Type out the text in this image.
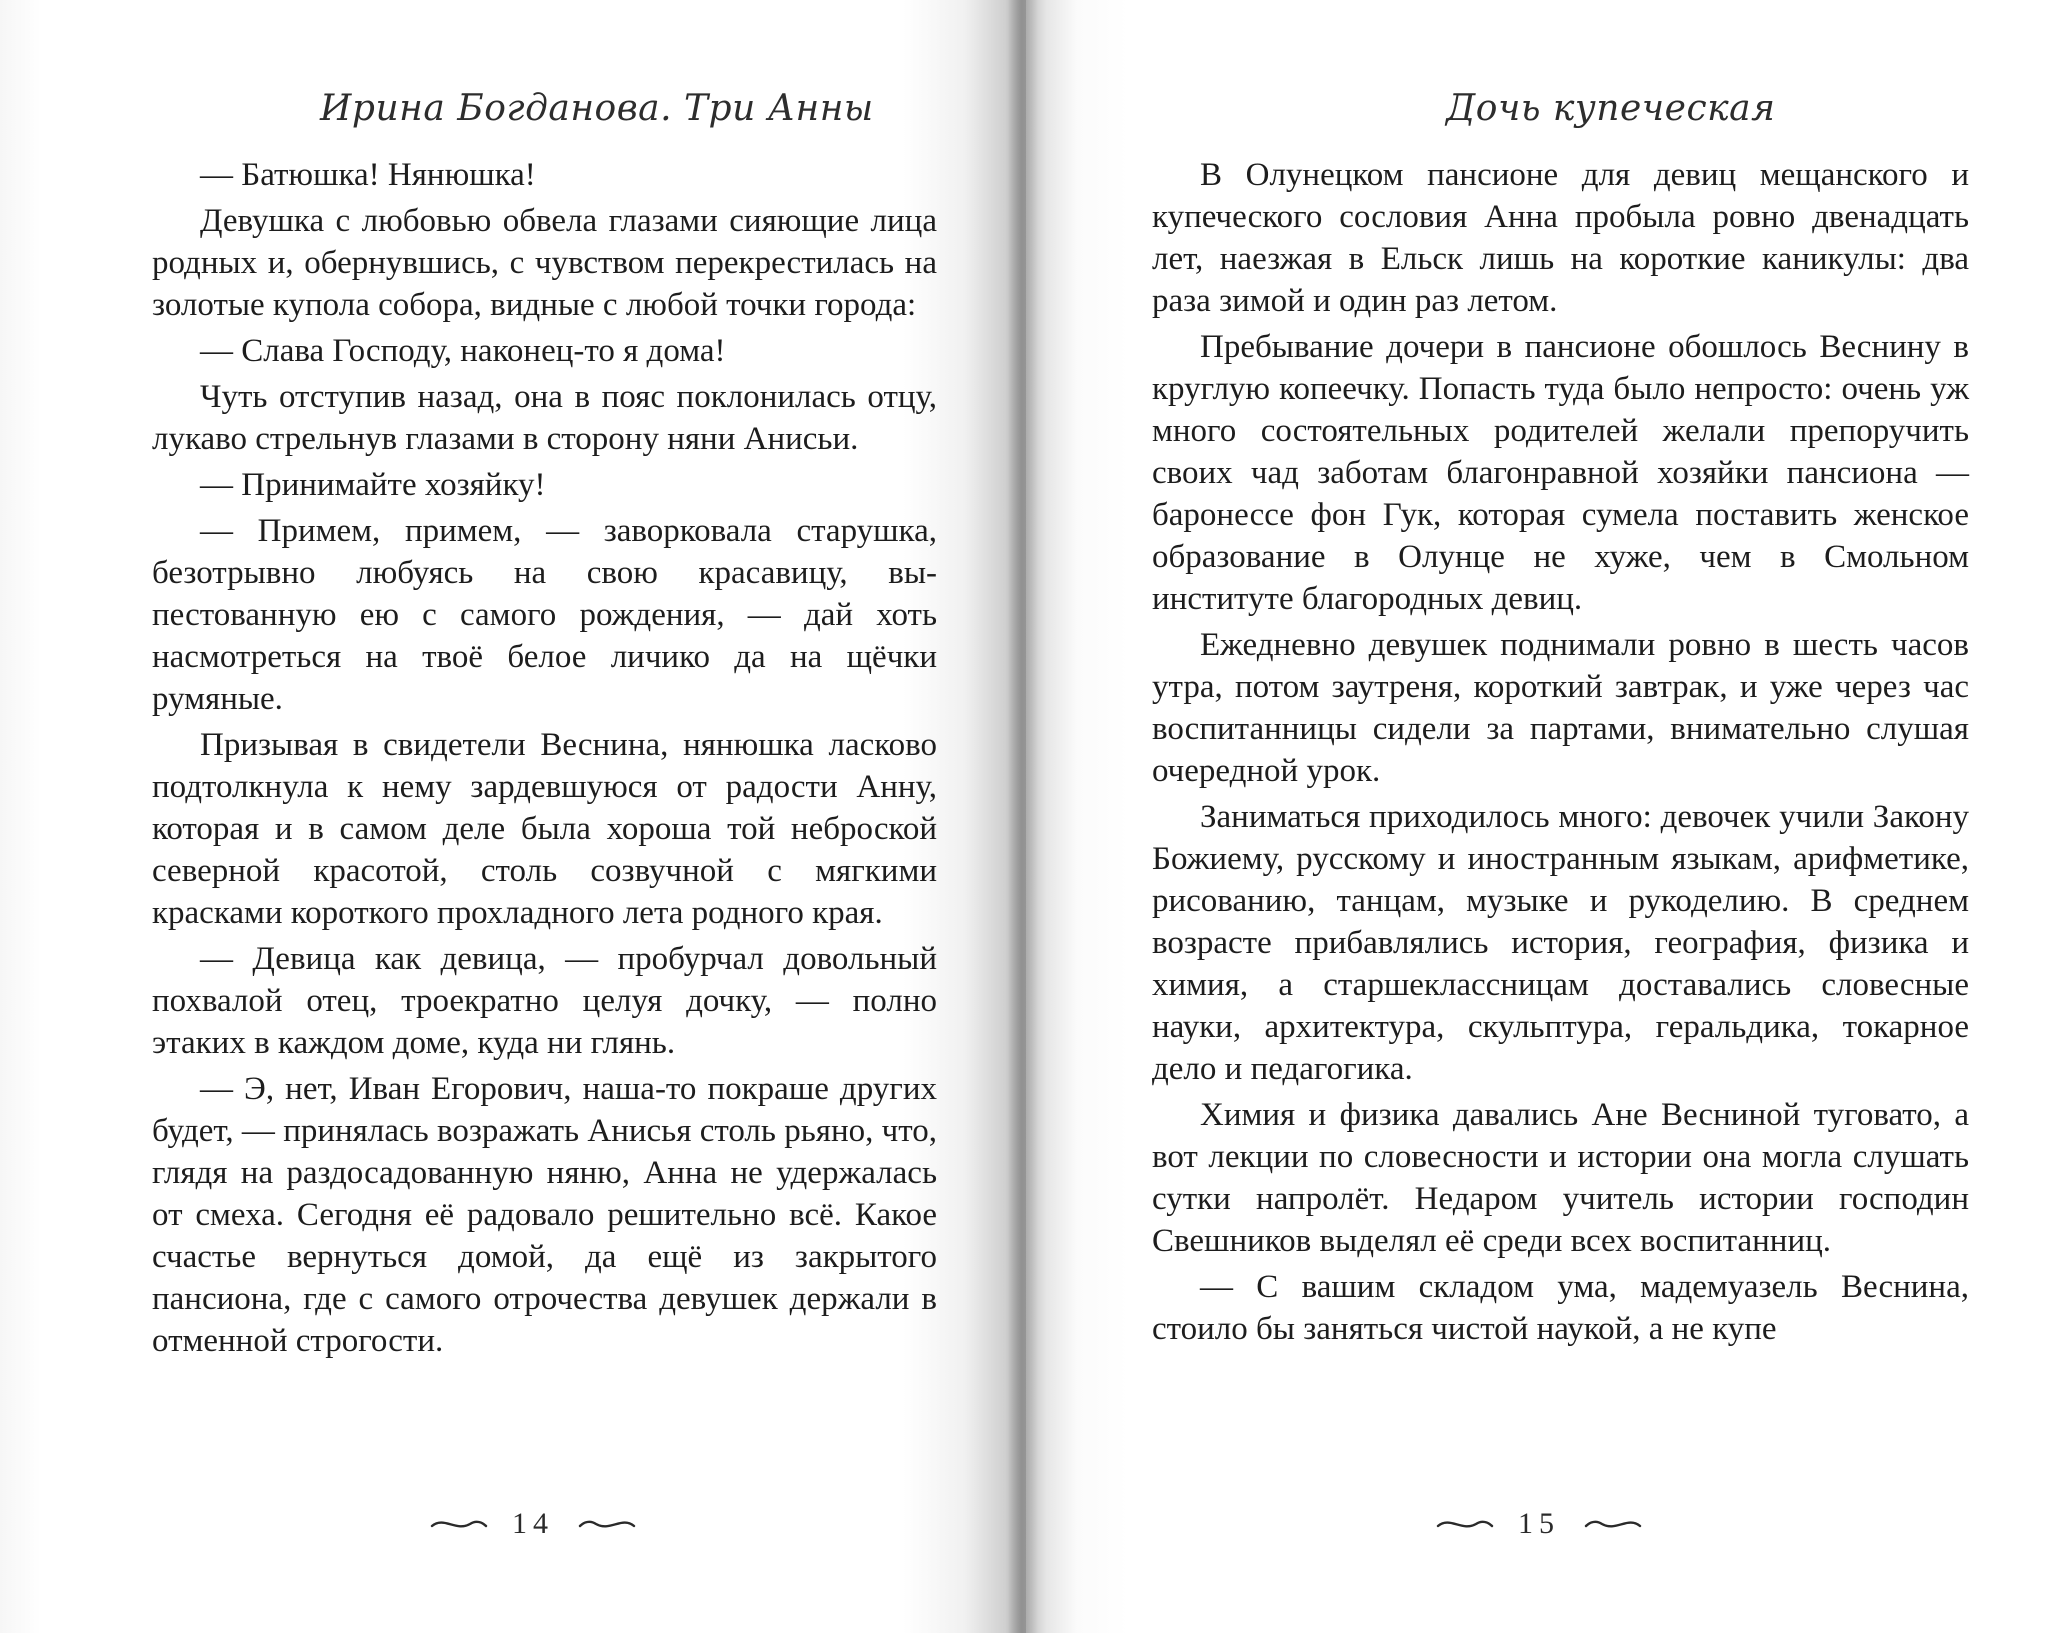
Ирина Богданова. Три Анны

— Батюшка! Нянюшка!

Девушка с любовью обвела глазами сияющие лица родных и, обернувшись, с чувством перекрестилась на золотые купола собора, видные с любой точки города:

— Слава Господу, наконец-то я дома!

Чуть отступив назад, она в пояс поклонилась отцу, лукаво стрельнув глазами в сторону няни Анисьи.

— Принимайте хозяйку!

— Примем, примем, — заворковала старушка, безотрывно любуясь на свою красавицу, выпестованную ею с самого рождения, — дай хоть насмотреться на твоё белое личико да на щёчки румяные.

Призывая в свидетели Веснина, нянюшка ласково подтолкнула к нему зардевшуюся от радости Анну, которая и в самом деле была хороша той неброской северной красотой, столь созвучной с мягкими красками короткого прохладного лета родного края.

— Девица как девица, — пробурчал довольный похвалой отец, троекратно целуя дочку, — полно этаких в каждом доме, куда ни глянь.

— Э, нет, Иван Егорович, наша-то покраше других будет, — принялась возражать Анисья столь рьяно, что, глядя на раздосадованную няню, Анна не удержалась от смеха. Сегодня её радовало решительно всё. Какое счастье вернуться домой, да ещё из закрытого пансиона, где с самого отрочества девушек держали в отменной строгости.

14
Дочь купеческая

В Олунецком пансионе для девиц мещанского и купеческого сословия Анна пробыла ровно двенадцать лет, наезжая в Ельск лишь на короткие каникулы: два раза зимой и один раз летом.

Пребывание дочери в пансионе обошлось Веснину в круглую копеечку. Попасть туда было непросто: очень уж много состоятельных родителей желали препоручить своих чад заботам благонравной хозяйки пансиона — баронессе фон Гук, которая сумела поставить женское образование в Олунце не хуже, чем в Смольном институте благородных девиц.

Ежедневно девушек поднимали ровно в шесть часов утра, потом заутреня, короткий завтрак, и уже через час воспитанницы сидели за партами, внимательно слушая очередной урок.

Заниматься приходилось много: девочек учили Закону Божиему, русскому и иностранным языкам, арифметике, рисованию, танцам, музыке и рукоделию. В среднем возрасте прибавлялись история, география, физика и химия, а старшеклассницам доставались словесные науки, архитектура, скульптура, геральдика, токарное дело и педагогика.

Химия и физика давались Ане Весниной туговато, а вот лекции по словесности и истории она могла слушать сутки напролёт. Недаром учитель истории господин Свешников выделял её среди всех воспитанниц.

— С вашим складом ума, мадемуазель Веснина, стоило бы заняться чистой наукой, а не купе

15
